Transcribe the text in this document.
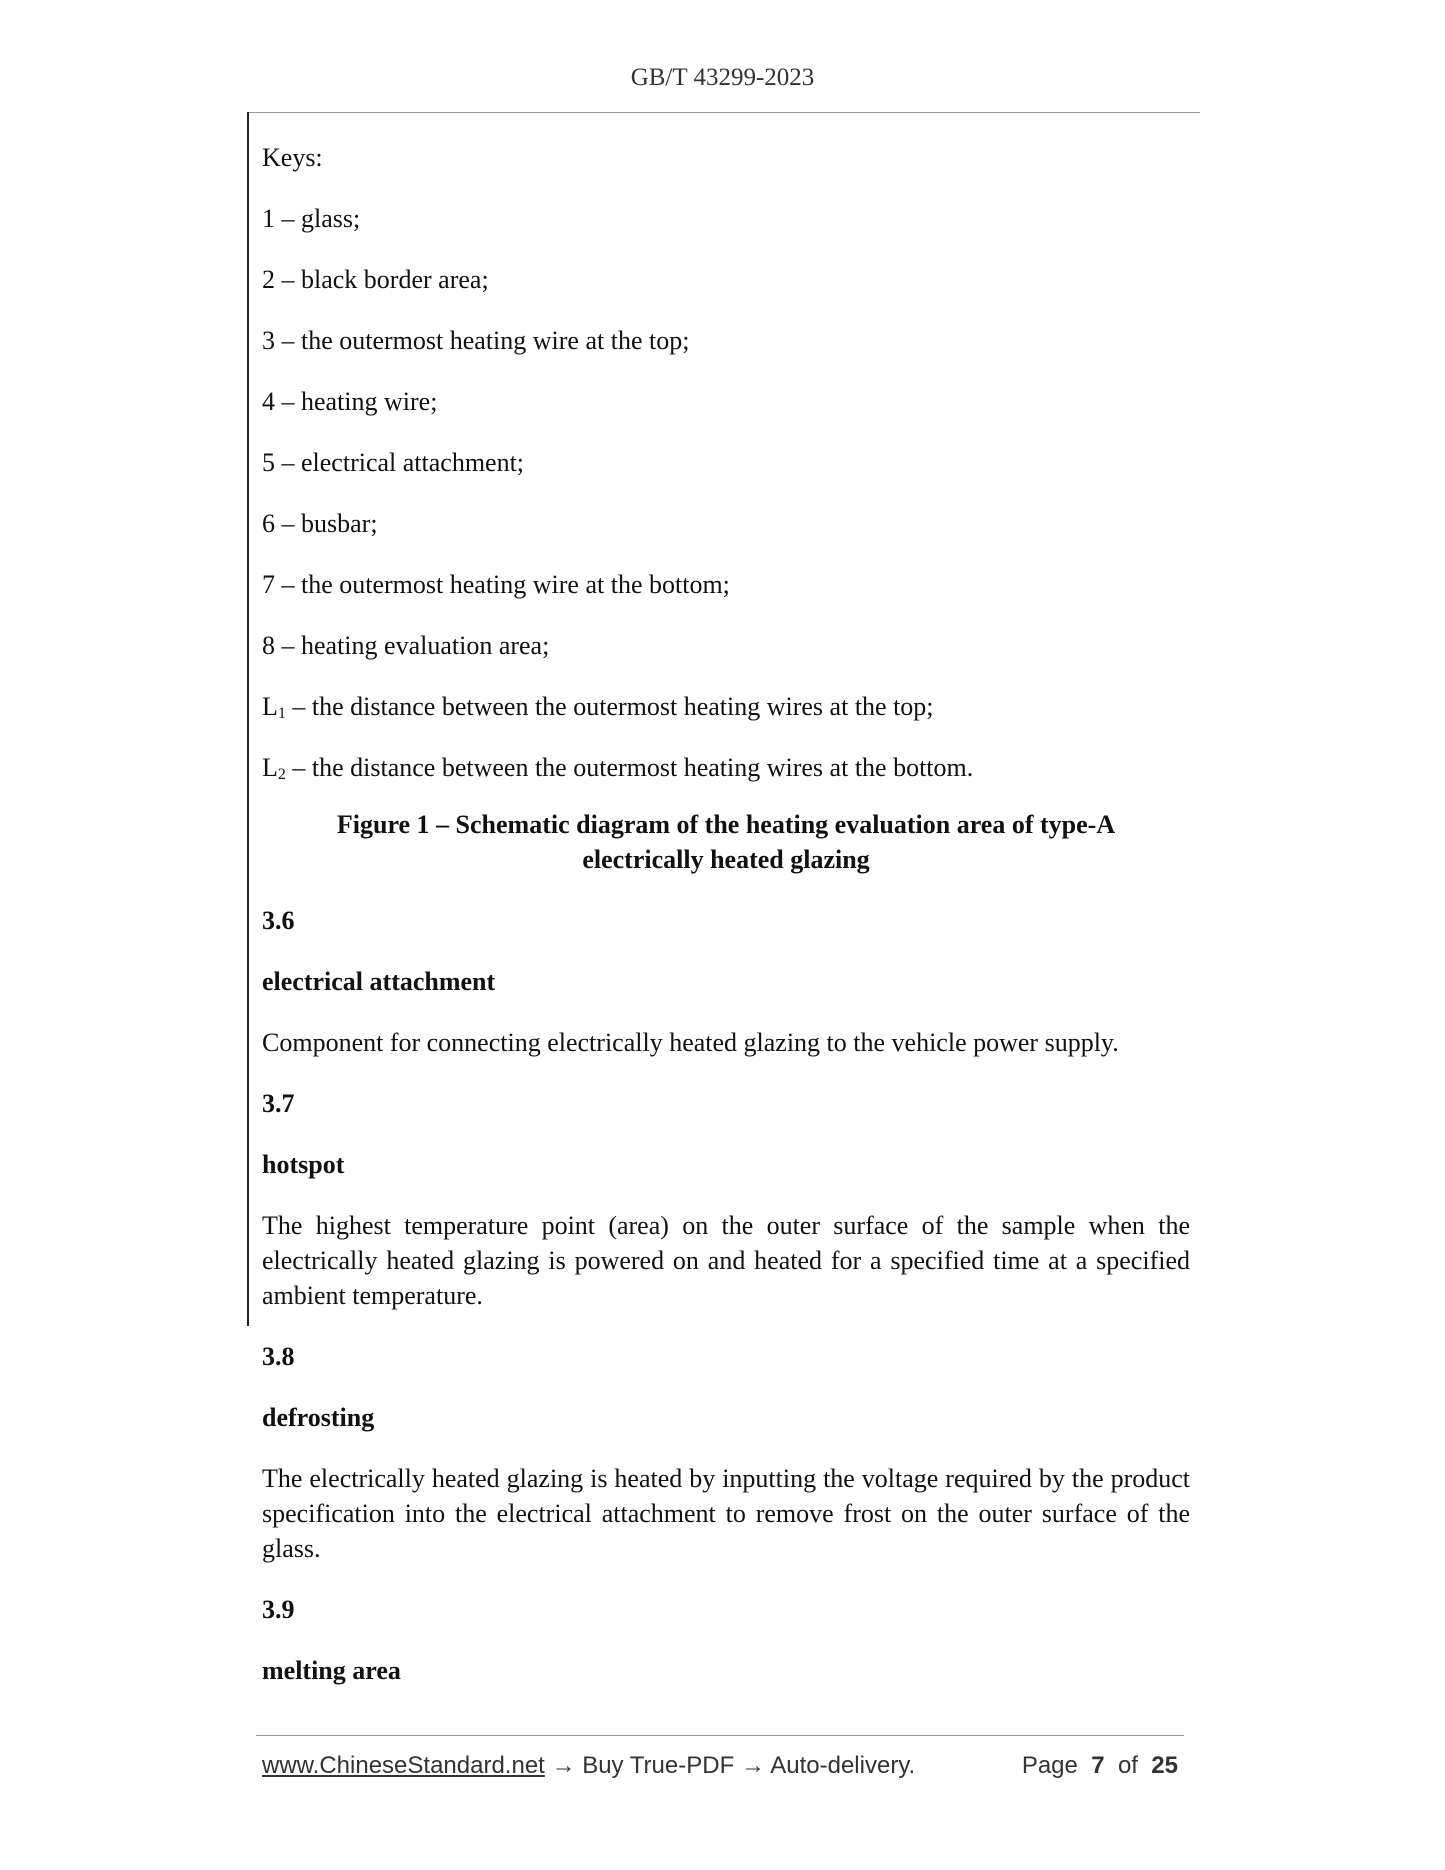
GB/T 43299-2023
Keys:
1 – glass;
2 – black border area;
3 – the outermost heating wire at the top;
4 – heating wire;
5 – electrical attachment;
6 – busbar;
7 – the outermost heating wire at the bottom;
8 – heating evaluation area;
$L_1$ – the distance between the outermost heating wires at the top;
$L_2$ – the distance between the outermost heating wires at the bottom.
Figure 1 – Schematic diagram of the heating evaluation area of type-A
electrically heated glazing
3.6
electrical attachment
Component for connecting electrically heated glazing to the vehicle power supply.
3.7
hotspot
The highest temperature point (area) on the outer surface of the sample when the electrically heated glazing is powered on and heated for a specified time at a specified ambient temperature.
3.8
defrosting
The electrically heated glazing is heated by inputting the voltage required by the product specification into the electrical attachment to remove frost on the outer surface of the glass.
3.9
melting area
www.ChineseStandard.net → Buy True-PDF → Auto-delivery.	Page 7 of 25
